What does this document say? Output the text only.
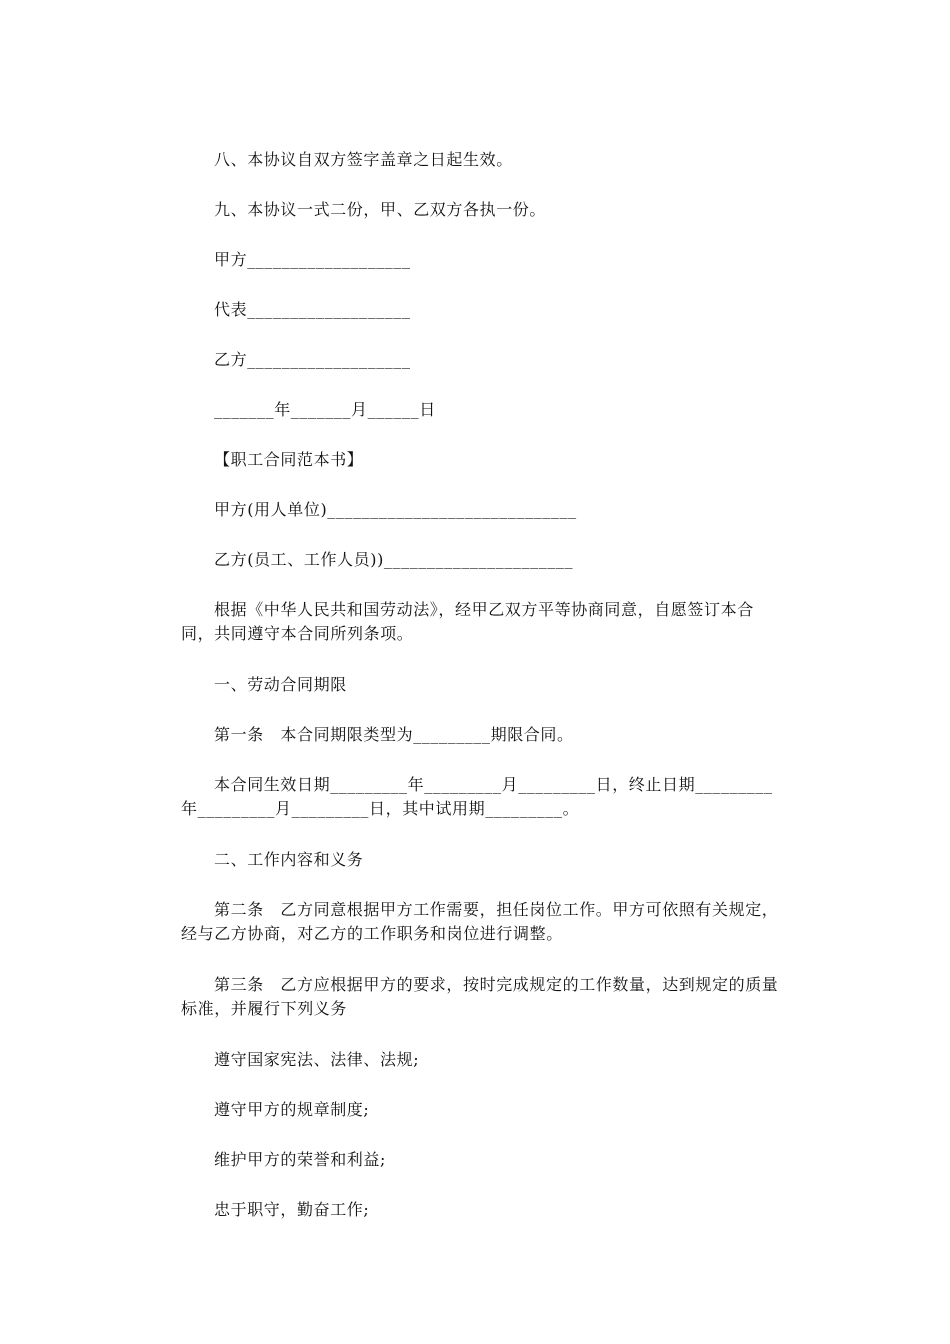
八、本协议自双方签字盖章之日起生效。

九、本协议一式二份，甲、乙双方各执一份。

甲方___________________

代表___________________

乙方___________________

_______年_______月______日

【职工合同范本书】

甲方(用人单位)_____________________________

乙方(员工、工作人员))______________________

根据《中华人民共和国劳动法》，经甲乙双方平等协商同意，自愿签订本合同，共同遵守本合同所列条项。

一、劳动合同期限

第一条　本合同期限类型为_________期限合同。

本合同生效日期_________年_________月_________日，终止日期_________年_________月_________日，其中试用期_________。

二、工作内容和义务

第二条　乙方同意根据甲方工作需要，担任岗位工作。甲方可依照有关规定，经与乙方协商，对乙方的工作职务和岗位进行调整。

第三条　乙方应根据甲方的要求，按时完成规定的工作数量，达到规定的质量标准，并履行下列义务

遵守国家宪法、法律、法规;

遵守甲方的规章制度;

维护甲方的荣誉和利益;

忠于职守，勤奋工作;
